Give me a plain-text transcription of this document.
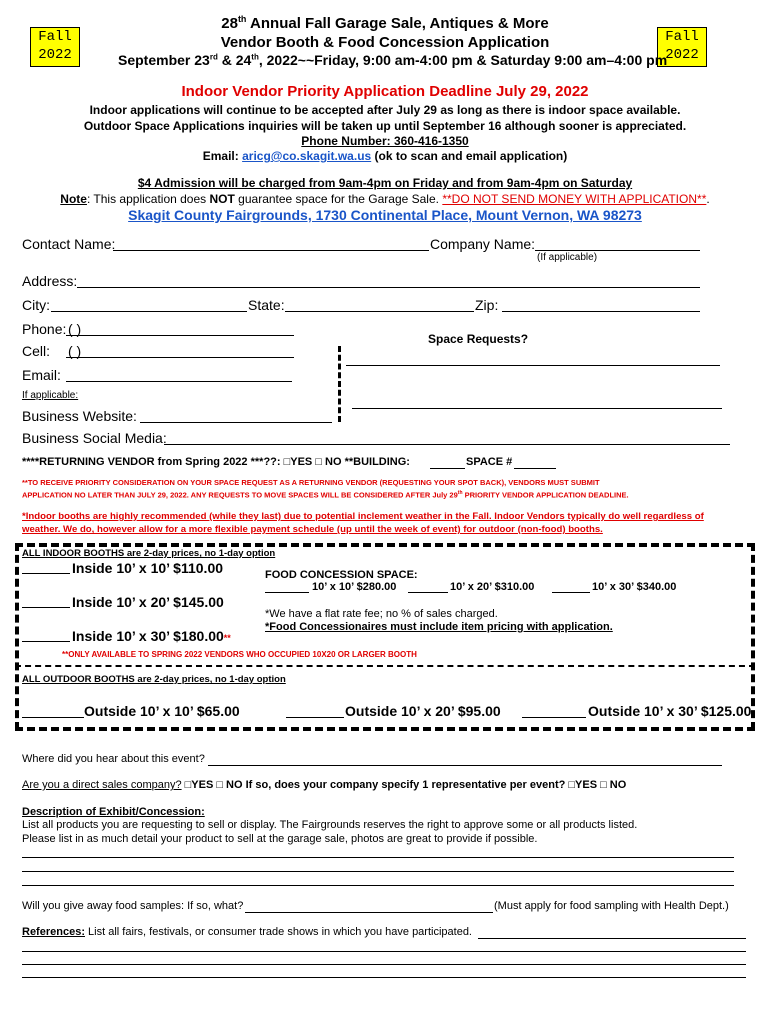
Fall
2022
Fall
2022
28th Annual Fall Garage Sale, Antiques & More
Vendor Booth & Food Concession Application
September 23rd & 24th, 2022~~Friday, 9:00 am-4:00 pm & Saturday 9:00 am–4:00 pm
Indoor Vendor Priority Application Deadline July 29, 2022
Indoor applications will continue to be accepted after July 29 as long as there is indoor space available.
Outdoor Space Applications inquiries will be taken up until September 16 although sooner is appreciated.
Phone Number: 360-416-1350
Email: aricg@co.skagit.wa.us (ok to scan and email application)
$4 Admission will be charged from 9am-4pm on Friday and from 9am-4pm on Saturday
Note: This application does NOT guarantee space for the Garage Sale. **DO NOT SEND MONEY WITH APPLICATION**.
Skagit County Fairgrounds, 1730 Continental Place, Mount Vernon, WA 98273
Contact Name:	Company Name:
(If applicable)
Address:
City:	State:	Zip:
Phone: ( )
Cell: ( )
Email:
If applicable:
Space Requests?
Business Website:
Business Social Media:
****RETURNING VENDOR from Spring 2022 ***??: □YES □ NO **BUILDING:	SPACE #
**TO RECEIVE PRIORITY CONSIDERATION ON YOUR SPACE REQUEST AS A RETURNING VENDOR (REQUESTING YOUR SPOT BACK), VENDORS MUST SUBMIT
APPLICATION NO LATER THAN JULY 29, 2022. ANY REQUESTS TO MOVE SPACES WILL BE CONSIDERED AFTER July 29th PRIORITY VENDOR APPLICATION DEADLINE.
*Indoor booths are highly recommended (while they last) due to potential inclement weather in the Fall. Indoor Vendors typically do well regardless of
weather. We do, however allow for a more flexible payment schedule (up until the week of event) for outdoor (non-food) booths.
ALL INDOOR BOOTHS are 2-day prices, no 1-day option
Inside 10’ x 10’ $110.00
Inside 10’ x 20’ $145.00
Inside 10’ x 30’ $180.00**
**ONLY AVAILABLE TO SPRING 2022 VENDORS WHO OCCUPIED 10X20 OR LARGER BOOTH
FOOD CONCESSION SPACE:
10’ x 10’ $280.00	10’ x 20’ $310.00	10’ x 30’ $340.00
*We have a flat rate fee; no % of sales charged.
*Food Concessionaires must include item pricing with application.
ALL OUTDOOR BOOTHS are 2-day prices, no 1-day option
Outside 10’ x 10’ $65.00	Outside 10’ x 20’ $95.00	Outside 10’ x 30’ $125.00
Where did you hear about this event?
Are you a direct sales company? □YES □ NO If so, does your company specify 1 representative per event? □YES □ NO
Description of Exhibit/Concession:
List all products you are requesting to sell or display. The Fairgrounds reserves the right to approve some or all products listed.
Please list in as much detail your product to sell at the garage sale, photos are great to provide if possible.
Will you give away food samples: If so, what?	(Must apply for food sampling with Health Dept.)
References: List all fairs, festivals, or consumer trade shows in which you have participated.
